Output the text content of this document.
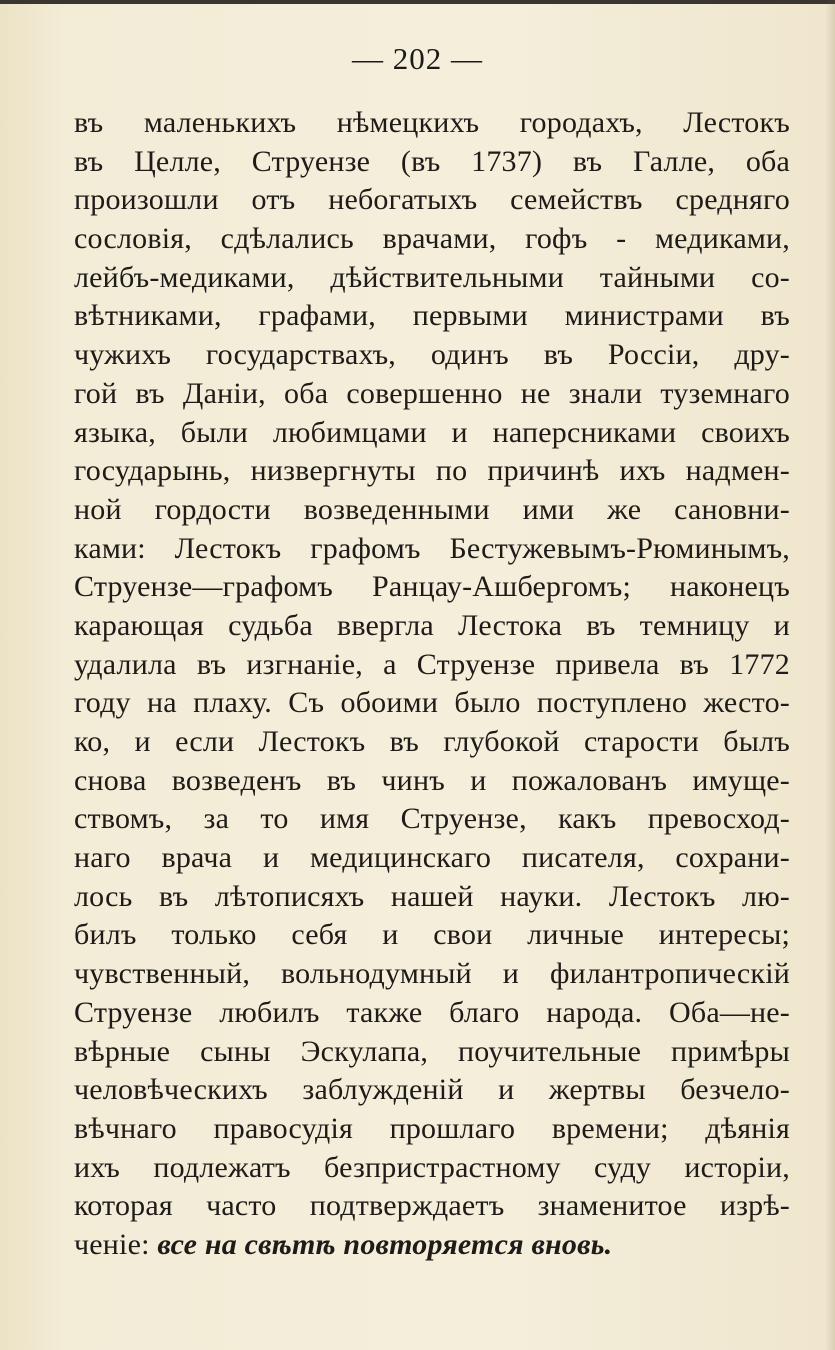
— 202 —
въ маленькихъ нѣмецкихъ городахъ, Лестокъ
въ Целле, Струензе (въ 1737) въ Галле, оба
произошли отъ небогатыхъ семействъ средняго
сословія, сдѣлались врачами, гофъ - медиками,
лейбъ-медиками, дѣйствительными тайными со-
вѣтниками, графами, первыми министрами въ
чужихъ государствахъ, одинъ въ Россіи, дру-
гой въ Даніи, оба совершенно не знали туземнаго
языка, были любимцами и наперсниками своихъ
государынь, низвергнуты по причинѣ ихъ надмен-
ной гордости возведенными ими же сановни-
ками: Лестокъ графомъ Бестужевымъ-Рюминымъ,
Струензе—графомъ Ранцау-Ашбергомъ; наконецъ
карающая судьба ввергла Лестока въ темницу и
удалила въ изгнаніе, а Струензе привела въ 1772
году на плаху. Съ обоими было поступлено жесто-
ко, и если Лестокъ въ глубокой старости былъ
снова возведенъ въ чинъ и пожалованъ имуще-
ствомъ, за то имя Струензе, какъ превосход-
наго врача и медицинскаго писателя, сохрани-
лось въ лѣтописяхъ нашей науки. Лестокъ лю-
билъ только себя и свои личные интересы;
чувственный, вольнодумный и филантропическій
Струензе любилъ также благо народа. Оба—не-
вѣрные сыны Эскулапа, поучительные примѣры
человѣческихъ заблужденій и жертвы безчело-
вѣчнаго правосудія прошлаго времени; дѣянія
ихъ подлежатъ безпристрастному суду исторіи,
которая часто подтверждаетъ знаменитое изрѣ-
ченіе: все на свѣтѣ повторяется вновь.
